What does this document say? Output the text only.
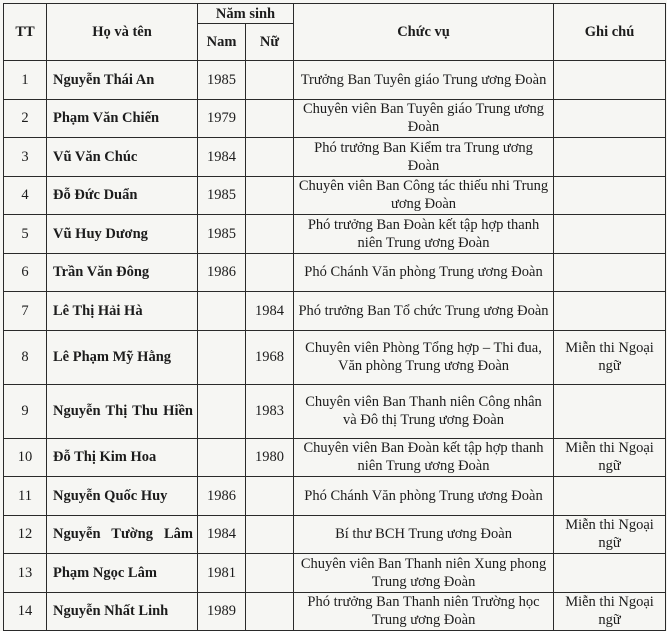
TT	Họ và tên	Năm sinh		Chức vụ	Ghi chú
		Nam	Nữ		
1	Nguyễn Thái An	1985		Trưởng Ban Tuyên giáo Trung ương Đoàn	
2	Phạm Văn Chiến	1979		Chuyên viên Ban Tuyên giáo Trung ương Đoàn	
3	Vũ Văn Chúc	1984		Phó trưởng Ban Kiểm tra Trung ương Đoàn	
4	Đỗ Đức Duẩn	1985		Chuyên viên Ban Công tác thiếu nhi Trung ương Đoàn	
5	Vũ Huy Dương	1985		Phó trưởng Ban Đoàn kết tập hợp thanh niên Trung ương Đoàn	
6	Trần Văn Đông	1986		Phó Chánh Văn phòng Trung ương Đoàn	
7	Lê Thị Hải Hà		1984	Phó trưởng Ban Tổ chức Trung ương Đoàn	
8	Lê Phạm Mỹ Hằng		1968	Chuyên viên Phòng Tổng hợp – Thi đua, Văn phòng Trung ương Đoàn	Miễn thi Ngoại ngữ
9	Nguyễn Thị Thu Hiền		1983	Chuyên viên Ban Thanh niên Công nhân và Đô thị Trung ương Đoàn	
10	Đỗ Thị Kim Hoa		1980	Chuyên viên Ban Đoàn kết tập hợp thanh niên Trung ương Đoàn	Miễn thi Ngoại ngữ
11	Nguyễn Quốc Huy	1986		Phó Chánh Văn phòng Trung ương Đoàn	
12	Nguyễn Tường Lâm	1984		Bí thư BCH Trung ương Đoàn	Miễn thi Ngoại ngữ
13	Phạm Ngọc Lâm	1981		Chuyên viên Ban Thanh niên Xung phong Trung ương Đoàn	
14	Nguyễn Nhất Linh	1989		Phó trưởng Ban Thanh niên Trường học Trung ương Đoàn	Miễn thi Ngoại ngữ
